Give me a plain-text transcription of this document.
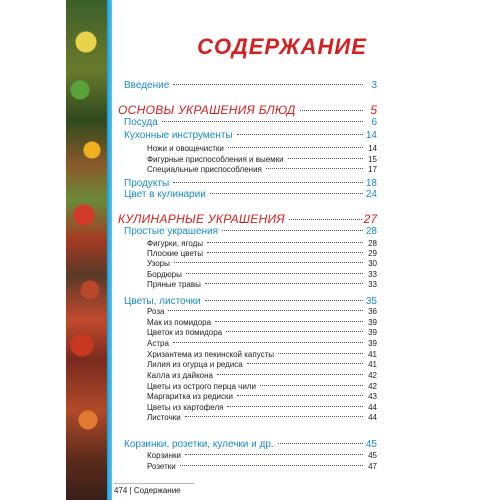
СОДЕРЖАНИЕ
Введение	3
ОСНОВЫ УКРАШЕНИЯ БЛЮД	5
Посуда	6
Кухонные инструменты	14
Ножи и овощечистки	14
Фигурные приспособления и выемки	15
Специальные приспособления	17
Продукты	18
Цвет в кулинарии	24
КУЛИНАРНЫЕ УКРАШЕНИЯ	27
Простые украшения	28
Фигурки, ягоды	28
Плоские цветы	29
Узоры	30
Бордюры	33
Пряные травы	33
Цветы, листочки	35
Роза	36
Мак из помидора	39
Цветок из помидора	39
Астра	39
Хризантема из пекинской капусты	41
Лилия из огурца и редиса	41
Калла из дайкона	42
Цветы из острого перца чили	42
Маргаритка из редиски	43
Цветы из картофеля	44
Листочки	44
Корзинки, розетки, кулечки и др.	45
Корзинки	45
Розетки	47
474 | Содержание
